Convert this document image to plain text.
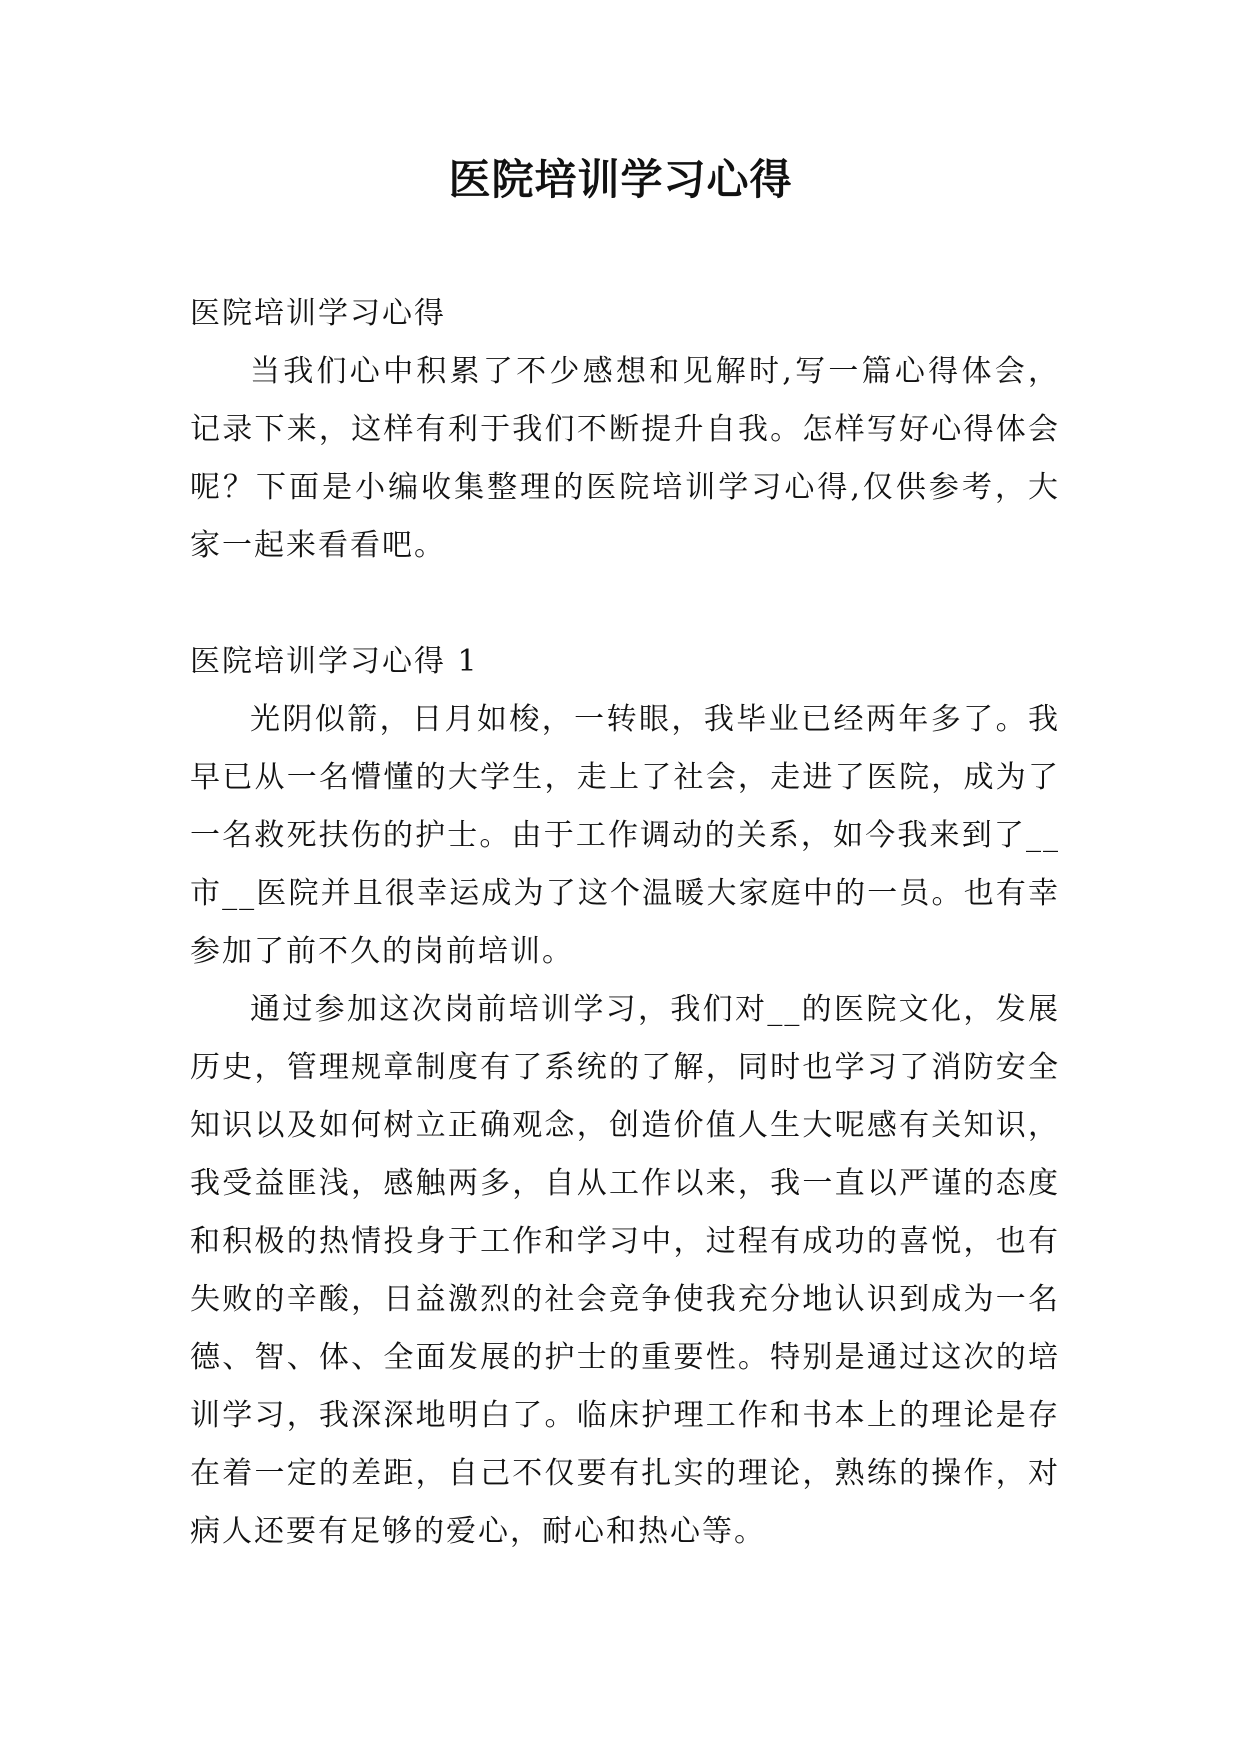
医院培训学习心得

医院培训学习心得

当我们心中积累了不少感想和见解时,写一篇心得体会，记录下来，这样有利于我们不断提升自我。怎样写好心得体会呢？下面是小编收集整理的医院培训学习心得,仅供参考，大家一起来看看吧。

医院培训学习心得 1

光阴似箭，日月如梭，一转眼，我毕业已经两年多了。我早已从一名懵懂的大学生，走上了社会，走进了医院，成为了一名救死扶伤的护士。由于工作调动的关系，如今我来到了__市__医院并且很幸运成为了这个温暖大家庭中的一员。也有幸参加了前不久的岗前培训。

通过参加这次岗前培训学习，我们对__的医院文化，发展历史，管理规章制度有了系统的了解，同时也学习了消防安全知识以及如何树立正确观念，创造价值人生大呢感有关知识，我受益匪浅，感触两多，自从工作以来，我一直以严谨的态度和积极的热情投身于工作和学习中，过程有成功的喜悦，也有失败的辛酸，日益激烈的社会竞争使我充分地认识到成为一名德、智、体、全面发展的护士的重要性。特别是通过这次的培训学习，我深深地明白了。临床护理工作和书本上的理论是存在着一定的差距，自己不仅要有扎实的理论，熟练的操作，对病人还要有足够的爱心，耐心和热心等。
